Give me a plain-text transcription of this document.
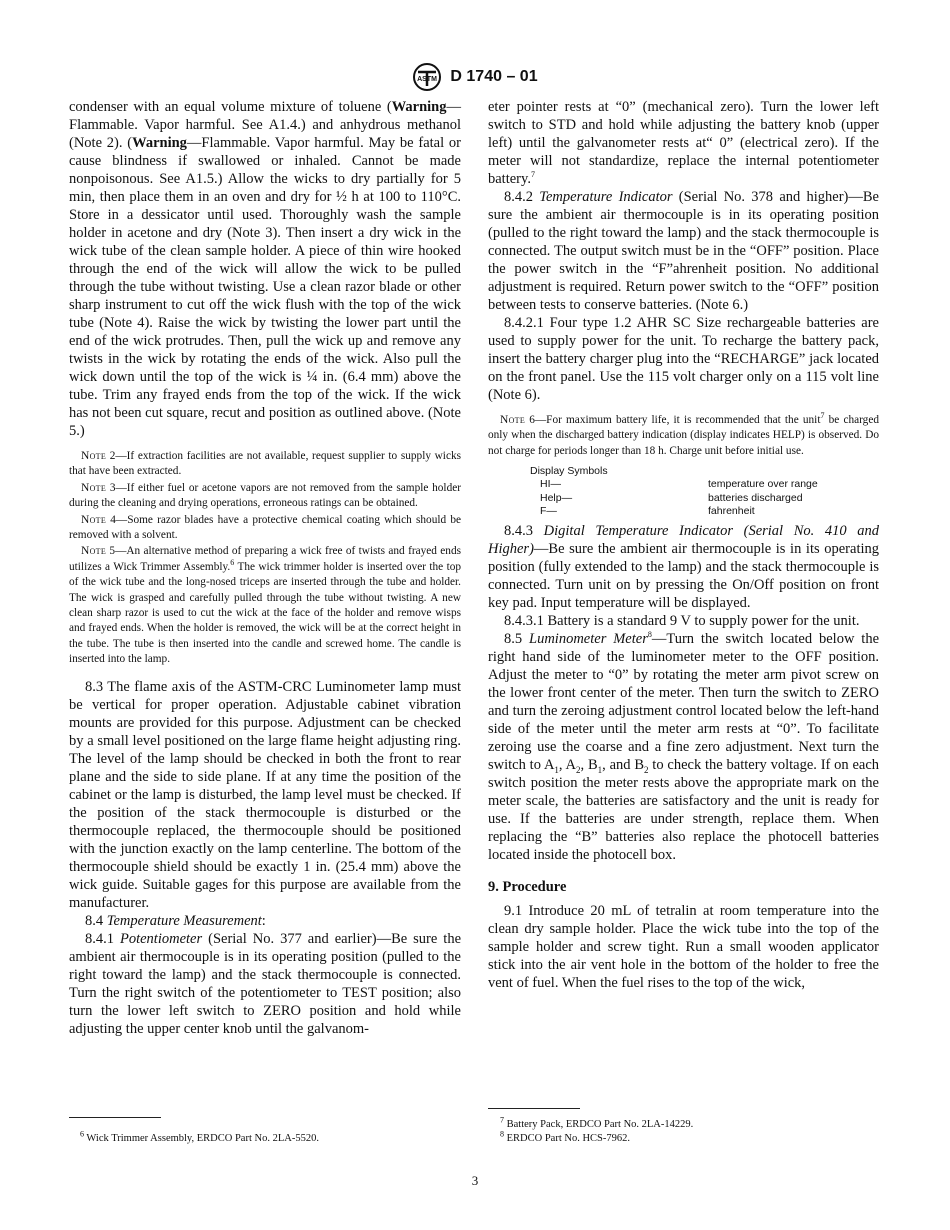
ASTM D 1740 – 01

condenser with an equal volume mixture of toluene (Warning—Flammable. Vapor harmful. See A1.4.) and anhydrous methanol (Note 2). (Warning—Flammable. Vapor harmful. May be fatal or cause blindness if swallowed or inhaled. Cannot be made nonpoisonous. See A1.5.) Allow the wicks to dry partially for 5 min, then place them in an oven and dry for ½ h at 100 to 110°C. Store in a dessicator until used. Thoroughly wash the sample holder in acetone and dry (Note 3). Then insert a dry wick in the wick tube of the clean sample holder. A piece of thin wire hooked through the end of the wick will allow the wick to be pulled through the tube without twisting. Use a clean razor blade or other sharp instrument to cut off the wick flush with the top of the wick tube (Note 4). Raise the wick by twisting the lower part until the end of the wick protrudes. Then, pull the wick up and remove any twists in the wick by rotating the ends of the wick. Also pull the wick down until the top of the wick is ¼ in. (6.4 mm) above the tube. Trim any frayed ends from the top of the wick. If the wick has not been cut square, recut and position as outlined above. (Note 5.)

Note 2—If extraction facilities are not available, request supplier to supply wicks that have been extracted.

Note 3—If either fuel or acetone vapors are not removed from the sample holder during the cleaning and drying operations, erroneous ratings can be obtained.

Note 4—Some razor blades have a protective chemical coating which should be removed with a solvent.

Note 5—An alternative method of preparing a wick free of twists and frayed ends utilizes a Wick Trimmer Assembly.$^6$ The wick trimmer holder is inserted over the top of the wick tube and the long-nosed triceps are inserted through the tube and holder. The wick is grasped and carefully pulled through the tube without twisting. A new clean sharp razor is used to cut the wick at the face of the holder and remove wisps and frayed ends. When the holder is removed, the wick will be at the correct height in the tube. The tube is then inserted into the candle and screwed home. The candle is inserted into the lamp.

8.3 The flame axis of the ASTM-CRC Luminometer lamp must be vertical for proper operation. Adjustable cabinet vibration mounts are provided for this purpose. Adjustment can be checked by a small level positioned on the large flame height adjusting ring. The level of the lamp should be checked in both the front to rear plane and the side to side plane. If at any time the position of the cabinet or the lamp is disturbed, the lamp level must be checked. If the position of the stack thermocouple is disturbed or the thermocouple replaced, the thermocouple should be positioned with the junction exactly on the lamp centerline. The bottom of the thermocouple shield should be exactly 1 in. (25.4 mm) above the wick guide. Suitable gages for this purpose are available from the manufacturer.

8.4 Temperature Measurement:

8.4.1 Potentiometer (Serial No. 377 and earlier)—Be sure the ambient air thermocouple is in its operating position (pulled to the right toward the lamp) and the stack thermocouple is connected. Turn the right switch of the potentiometer to TEST position; also turn the lower left switch to ZERO position and hold while adjusting the upper center knob until the galvanom-

eter pointer rests at “0” (mechanical zero). Turn the lower left switch to STD and hold while adjusting the battery knob (upper left) until the galvanometer rests at“ 0” (electrical zero). If the meter will not standardize, replace the internal potentiometer battery.$^7$

8.4.2 Temperature Indicator (Serial No. 378 and higher)—Be sure the ambient air thermocouple is in its operating position (pulled to the right toward the lamp) and the stack thermocouple is connected. The output switch must be in the “OFF” position. Place the power switch in the “F”ahrenheit position. No additional adjustment is required. Return power switch to the “OFF” position between tests to conserve batteries. (Note 6.)

8.4.2.1 Four type 1.2 AHR SC Size rechargeable batteries are used to supply power for the unit. To recharge the battery pack, insert the battery charger plug into the “RECHARGE” jack located on the front panel. Use the 115 volt charger only on a 115 volt line (Note 6).

Note 6—For maximum battery life, it is recommended that the unit$^7$ be charged only when the discharged battery indication (display indicates HELP) is observed. Do not charge for periods longer than 18 h. Charge unit before initial use.

Display Symbols
HI—	temperature over range
Help—	batteries discharged
F—	fahrenheit

8.4.3 Digital Temperature Indicator (Serial No. 410 and Higher)—Be sure the ambient air thermocouple is in its operating position (fully extended to the lamp) and the stack thermocouple is connected. Turn unit on by pressing the On/Off position on front key pad. Input temperature will be displayed.

8.4.3.1 Battery is a standard 9 V to supply power for the unit.

8.5 Luminometer Meter$^8$—Turn the switch located below the right hand side of the luminometer meter to the OFF position. Adjust the meter to “0” by rotating the meter arm pivot screw on the lower front center of the meter. Then turn the switch to ZERO and turn the zeroing adjustment control located below the left-hand side of the meter until the meter arm rests at “0”. To facilitate zeroing use the coarse and a fine zero adjustment. Next turn the switch to $A_1$, $A_2$, $B_1$, and $B_2$ to check the battery voltage. If on each switch position the meter rests above the appropriate mark on the meter scale, the batteries are satisfactory and the unit is ready for use. If the batteries are under strength, replace them. When replacing the “B” batteries also replace the photocell batteries located inside the photocell box.

9. Procedure

9.1 Introduce 20 mL of tetralin at room temperature into the clean dry sample holder. Place the wick tube into the top of the sample holder and screw tight. Run a small wooden applicator stick into the air vent hole in the bottom of the holder to free the vent of fuel. When the fuel rises to the top of the wick,

$^6$ Wick Trimmer Assembly, ERDCO Part No. 2LA-5520.
$^7$ Battery Pack, ERDCO Part No. 2LA-14229.
$^8$ ERDCO Part No. HCS-7962.
3
